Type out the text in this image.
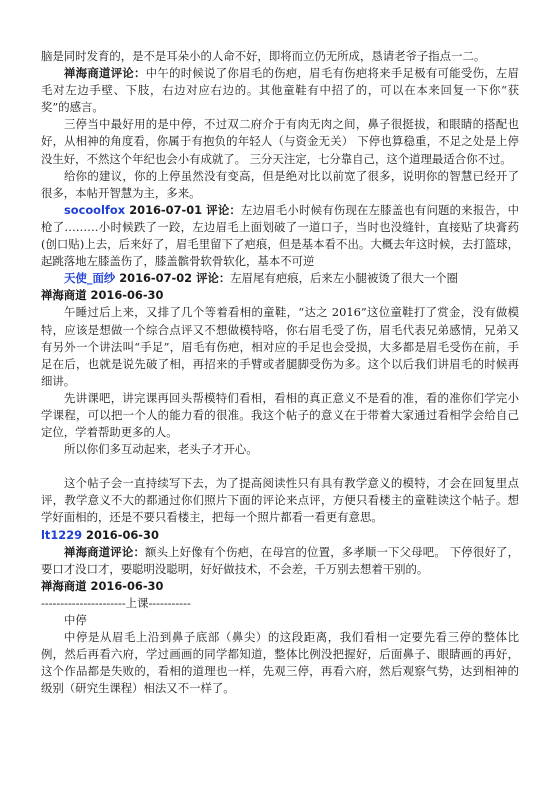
脑是同时发育的，是不是耳朵小的人命不好，即将而立仍无所成，恳请老爷子指点一二。

禅海商道评论：中午的时候说了你眉毛的伤疤，眉毛有伤疤将来手足极有可能受伤，左眉毛对左边手壁、下肢，右边对应右边的。其他童鞋有中招了的，可以在本来回复一下你“获奖”的感言。

三停当中最好用的是中停，不过双二府介于有肉无肉之间，鼻子很挺拔，和眼睛的搭配也好，从相神的角度看，你属于有抱负的年轻人（与资金无关） 下停也算稳重，不足之处是上停没生好，不然这个年纪也会小有成就了。 三分天注定，七分靠自己，这个道理最适合你不过。

给你的建议，你的上停虽然没有变高，但是绝对比以前宽了很多，说明你的智慧已经开了很多，本帖开智慧为主，多来。

socoolfox 2016-07-01 评论：左边眉毛小时候有伤现在左膝盖也有问题的来报告，中枪了………小时候跌了一跤，左边眉毛上面划破了一道口子，当时也没缝针，直接贴了块膏药(创口贴)上去，后来好了，眉毛里留下了疤痕，但是基本看不出。大概去年这时候，去打篮球，起跳落地左膝盖伤了，膝盖髌骨软骨软化，基本不可逆

天使_面纱 2016-07-02 评论：左眉尾有疤痕，后来左小腿被烫了很大一个圈

禅海商道 2016-06-30

午睡过后上来，又排了几个等着看相的童鞋，“达之 2016”这位童鞋打了赏金，没有做模特，应该是想做一个综合点评又不想做模特咯，你右眉毛受了伤，眉毛代表兄弟感情，兄弟又有另外一个讲法叫“手足”，眉毛有伤疤，相对应的手足也会受损，大多都是眉毛受伤在前，手足在后，也就是说先破了相，再招来的手臂或者腿脚受伤为多。这个以后我们讲眉毛的时候再细讲。

先讲课吧，讲完课再回头帮模特们看相，看相的真正意义不是看的准，看的准你们学完小学课程，可以把一个人的能力看的很准。我这个帖子的意义在于带着大家通过看相学会给自己定位，学着帮助更多的人。

所以你们多互动起来，老头子才开心。

这个帖子会一直持续写下去，为了提高阅读性只有具有教学意义的模特，才会在回复里点评，教学意义不大的都通过你们照片下面的评论来点评，方便只看楼主的童鞋读这个帖子。想学好面相的，还是不要只看楼主，把每一个照片都看一看更有意思。

lt1229 2016-06-30

禅海商道评论：额头上好像有个伤疤，在母宫的位置，多孝顺一下父母吧。 下停很好了，要口才没口才，要聪明没聪明，好好做技术，不会差，千万别去想着干别的。

禅海商道 2016-06-30

----------------------上课-----------

中停

中停是从眉毛上沿到鼻子底部（鼻尖）的这段距离，我们看相一定要先看三停的整体比例，然后再看六府，学过画画的同学都知道，整体比例没把握好，后面鼻子、眼睛画的再好，这个作品都是失败的，看相的道理也一样，先观三停，再看六府，然后观察气势，达到相神的级别（研究生课程）相法又不一样了。
